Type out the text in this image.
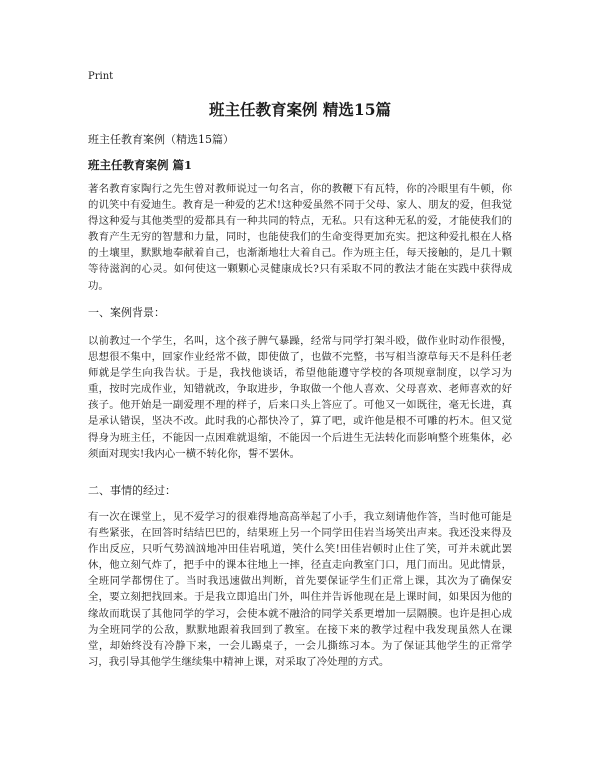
Print
班主任教育案例 精选15篇

班主任教育案例（精选15篇）

班主任教育案例 篇1

著名教育家陶行之先生曾对教师说过一句名言，你的教鞭下有瓦特，你的冷眼里有牛顿，你的讥笑中有爱迪生。教育是一种爱的艺术!这种爱虽然不同于父母、家人、朋友的爱，但我觉得这种爱与其他类型的爱都具有一种共同的特点，无私。只有这种无私的爱，才能使我们的教育产生无穷的智慧和力量，同时，也能使我们的生命变得更加充实。把这种爱扎根在人格的土壤里，默默地奉献着自己，也渐渐地壮大着自己。作为班主任，每天接触的，是几十颗等待滋润的心灵。如何使这一颗颗心灵健康成长?只有采取不同的教法才能在实践中获得成功。

一、案例背景：

以前教过一个学生，名叫，这个孩子脾气暴躁，经常与同学打架斗殴，做作业时动作很慢，思想很不集中，回家作业经常不做，即使做了，也做不完整，书写相当潦草每天不是科任老师就是学生向我告状。于是，我找他谈话，希望他能遵守学校的各项规章制度，以学习为重，按时完成作业，知错就改，争取进步，争取做一个他人喜欢、父母喜欢、老师喜欢的好孩子。他开始是一副爱理不理的样子，后来口头上答应了。可他又一如既往，毫无长进，真是承认错误，坚决不改。此时我的心都快冷了，算了吧，或许他是根不可雕的朽木。但又觉得身为班主任，不能因一点困难就退缩，不能因一个后进生无法转化而影响整个班集体，必须面对现实!我内心一横不转化你，誓不罢休。

二、事情的经过：

有一次在课堂上，见不爱学习的很难得地高高举起了小手，我立刻请他作答，当时他可能是有些紧张，在回答时结结巴巴的，结果班上另一个同学田佳岩当场笑出声来。我还没来得及作出反应，只听气势汹汹地冲田佳岩吼道，笑什么笑!田佳岩顿时止住了笑，可并未就此罢休，他立刻气炸了，把手中的课本往地上一摔，径直走向教室门口，甩门而出。见此情景，全班同学都愣住了。当时我迅速做出判断，首先要保证学生们正常上课，其次为了确保安全，要立刻把找回来。于是我立即追出门外，叫住并告诉他现在是上课时间，如果因为他的缘故而耽误了其他同学的学习，会使本就不融洽的同学关系更增加一层隔膜。也许是担心成为全班同学的公敌，默默地跟着我回到了教室。在接下来的教学过程中我发现虽然人在课堂，却始终没有冷静下来，一会儿踢桌子，一会儿撕练习本。为了保证其他学生的正常学习，我引导其他学生继续集中精神上课，对采取了冷处理的方式。
